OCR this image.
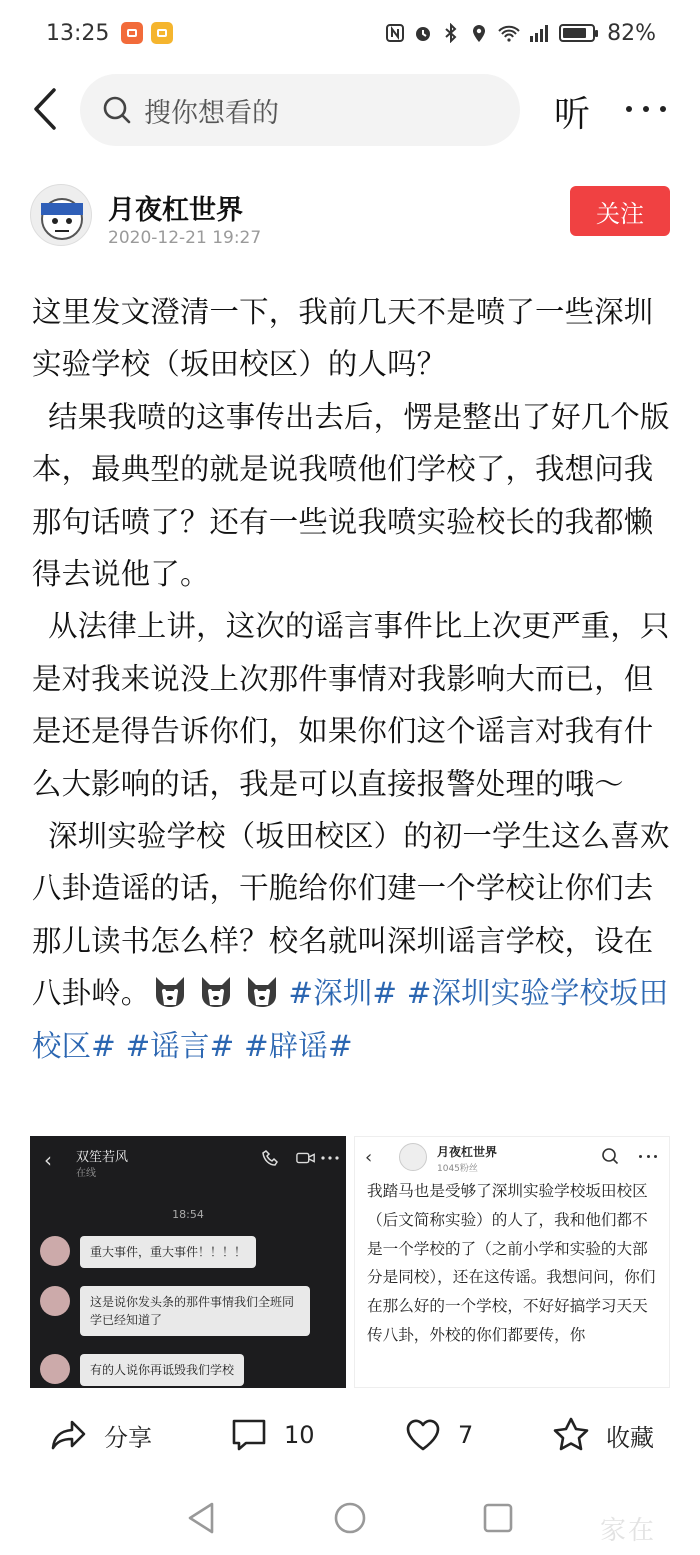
13:25	82%
搜你想看的	听
月夜杠世界
2020-12-21 19:27
关注

这里发文澄清一下，我前几天不是喷了一些深圳实验学校（坂田校区）的人吗？

结果我喷的这事传出去后，愣是整出了好几个版本，最典型的就是说我喷他们学校了，我想问我那句话喷了？还有一些说我喷实验校长的我都懒得去说他了。

从法律上讲，这次的谣言事件比上次更严重，只是对我来说没上次那件事情对我影响大而已，但是还是得告诉你们，如果你们这个谣言对我有什么大影响的话，我是可以直接报警处理的哦～

深圳实验学校（坂田校区）的初一学生这么喜欢八卦造谣的话，干脆给你们建一个学校让你们去那儿读书怎么样？校名就叫深圳谣言学校，设在八卦岭。	#深圳# #深圳实验学校坂田校区# #谣言# #辟谣#

‹ 双笙若风
在线
18:54
重大事件，重大事件！！！！
这是说你发头条的那件事情我们全班同学已经知道了
有的人说你再诋毁我们学校
‹	月夜杠世界
1045粉丝
我踏马也是受够了深圳实验学校坂田校区（后文简称实验）的人了，我和他们都不是一个学校的了（之前小学和实验的大部分是同校），还在这传谣。我想问问，你们在那么好的一个学校，不好好搞学习天天传八卦，外校的你们都要传，你
分享	10	7	收藏
家在
